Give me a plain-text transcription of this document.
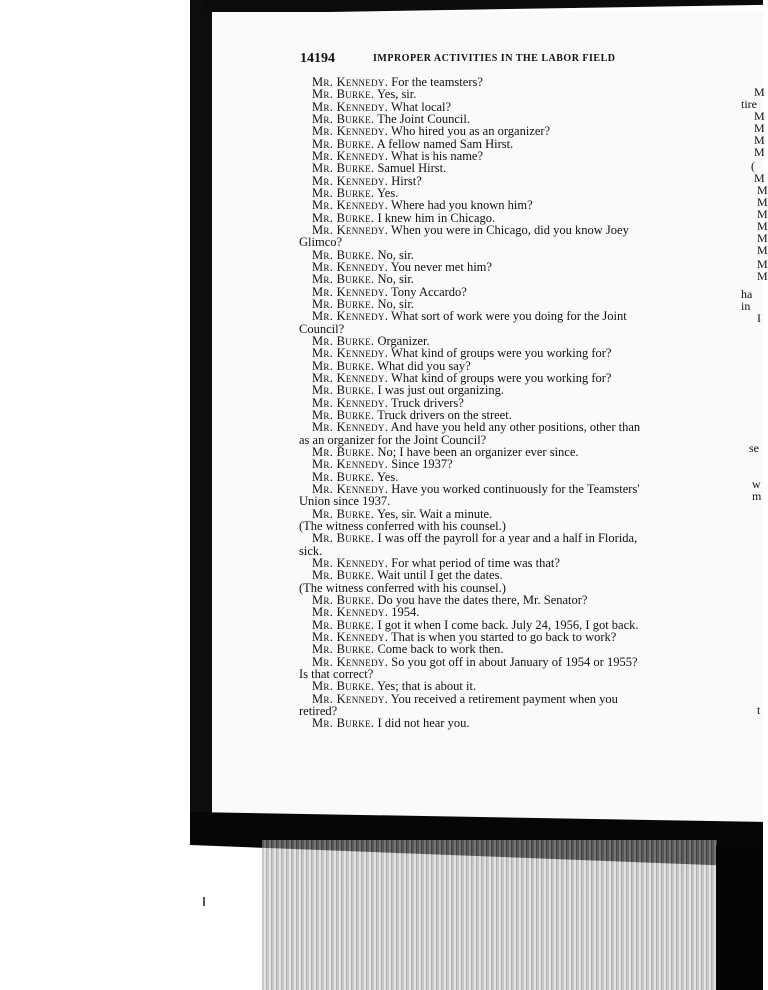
14194	IMPROPER ACTIVITIES IN THE LABOR FIELD
Mr. Kennedy. For the teamsters?
Mr. Burke. Yes, sir.
Mr. Kennedy. What local?
Mr. Burke. The Joint Council.
Mr. Kennedy. Who hired you as an organizer?
Mr. Burke. A fellow named Sam Hirst.
Mr. Kennedy. What is his name?
Mr. Burke. Samuel Hirst.
Mr. Kennedy. Hirst?
Mr. Burke. Yes.
Mr. Kennedy. Where had you known him?
Mr. Burke. I knew him in Chicago.
Mr. Kennedy. When you were in Chicago, did you know Joey
Glimco?
Mr. Burke. No, sir.
Mr. Kennedy. You never met him?
Mr. Burke. No, sir.
Mr. Kennedy. Tony Accardo?
Mr. Burke. No, sir.
Mr. Kennedy. What sort of work were you doing for the Joint
Council?
Mr. Burke. Organizer.
Mr. Kennedy. What kind of groups were you working for?
Mr. Burke. What did you say?
Mr. Kennedy. What kind of groups were you working for?
Mr. Burke. I was just out organizing.
Mr. Kennedy. Truck drivers?
Mr. Burke. Truck drivers on the street.
Mr. Kennedy. And have you held any other positions, other than
as an organizer for the Joint Council?
Mr. Burke. No; I have been an organizer ever since.
Mr. Kennedy. Since 1937?
Mr. Burke. Yes.
Mr. Kennedy. Have you worked continuously for the Teamsters'
Union since 1937.
Mr. Burke. Yes, sir. Wait a minute.
(The witness conferred with his counsel.)
Mr. Burke. I was off the payroll for a year and a half in Florida,
sick.
Mr. Kennedy. For what period of time was that?
Mr. Burke. Wait until I get the dates.
(The witness conferred with his counsel.)
Mr. Burke. Do you have the dates there, Mr. Senator?
Mr. Kennedy. 1954.
Mr. Burke. I got it when I come back. July 24, 1956, I got back.
Mr. Kennedy. That is when you started to go back to work?
Mr. Burke. Come back to work then.
Mr. Kennedy. So you got off in about January of 1954 or 1955?
Is that correct?
Mr. Burke. Yes; that is about it.
Mr. Kennedy. You received a retirement payment when you
retired?
Mr. Burke. I did not hear you.
M
tire
M
M
M
M
(
M
M
M
M
M
M
M
M
M
ha
in
I
se
w
m
t
